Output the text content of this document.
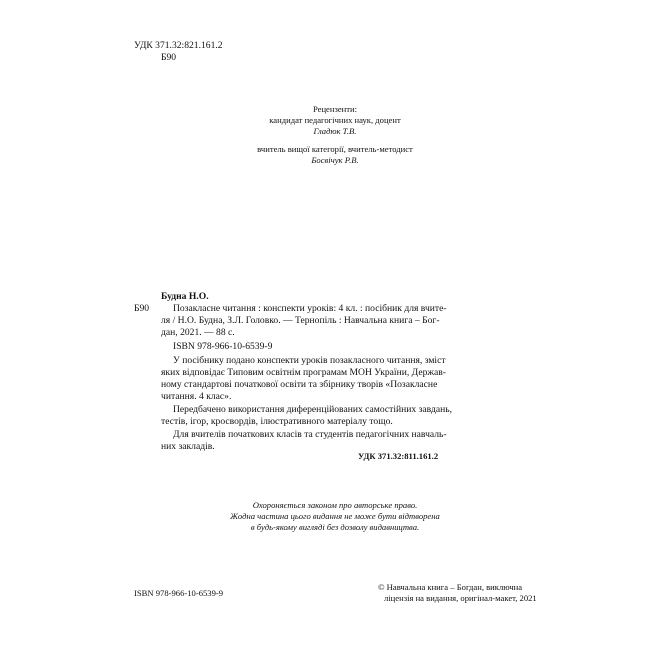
УДК 371.32:821.161.2
Б90
Рецензенти:
кандидат педагогічних наук, доцент
Гладюк Т.В.
вчитель вищої категорії, вчитель-методист
Босвічук Р.В.
Будна Н.О.
Б90 Позакласне читання : конспекти уроків: 4 кл. : посібник для вчите-
ля / Н.О. Будна, З.Л. Головко. — Тернопіль : Навчальна книга – Бог-
дан, 2021. — 88 с.
ISBN 978-966-10-6539-9
У посібнику подано конспекти уроків позакласного читання, зміст
яких відповідає Типовим освітнім програмам МОН України, Держав-
ному стандартові початкової освіти та збірнику творів «Позакласне
читання. 4 клас».
Передбачено використання диференційованих самостійних завдань,
тестів, ігор, кросвордів, ілюстративного матеріалу тощо.
Для вчителів початкових класів та студентів педагогічних навчаль-
них закладів.
УДК 371.32:811.161.2
Охороняється законом про авторське право.
Жодна частина цього видання не може бути відтворена
в будь-якому вигляді без дозволу видавництва.
ISBN 978-966-10-6539-9
© Навчальна книга – Богдан, виключна
ліцензія на видання, оригінал-макет, 2021
